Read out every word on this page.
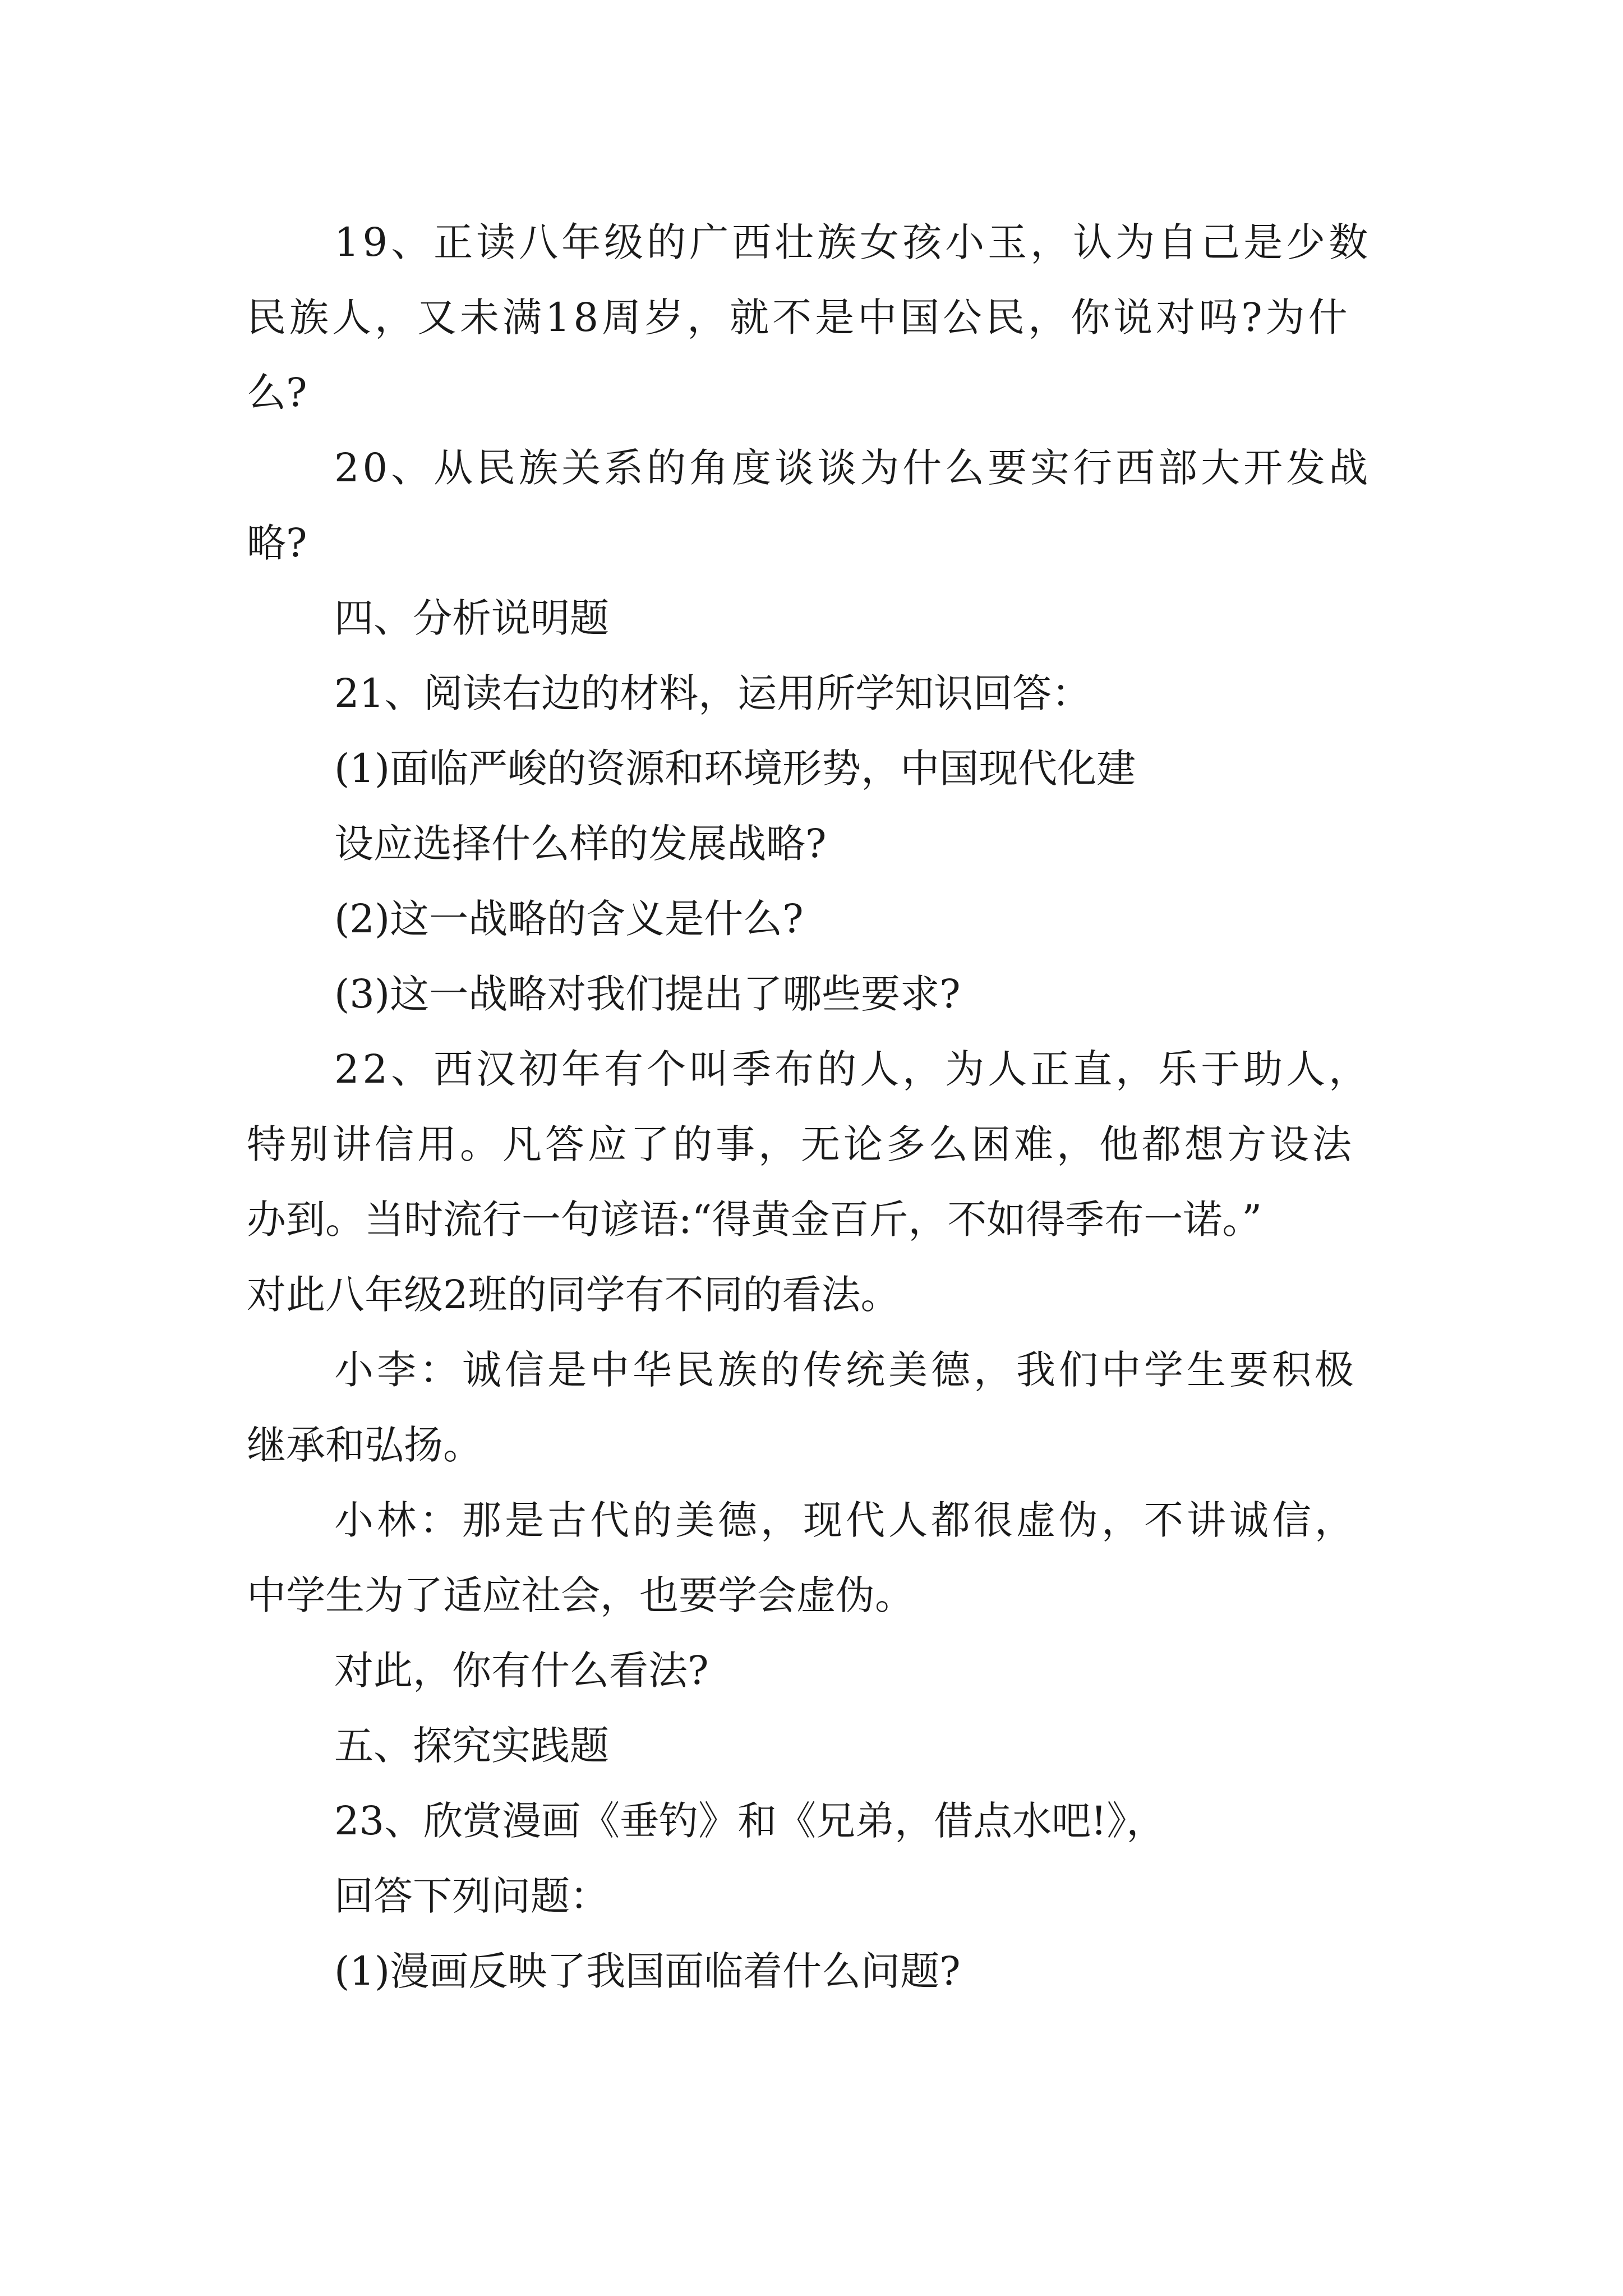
19、正读八年级的广西壮族女孩小玉，认为自己是少数
民族人，又未满18周岁，就不是中国公民，你说对吗?为什
么?
20、从民族关系的角度谈谈为什么要实行西部大开发战
略?
四、分析说明题
21、阅读右边的材料，运用所学知识回答：
(1)面临严峻的资源和环境形势，中国现代化建
设应选择什么样的发展战略?
(2)这一战略的含义是什么?
(3)这一战略对我们提出了哪些要求?
22、西汉初年有个叫季布的人，为人正直，乐于助人，
特别讲信用。凡答应了的事，无论多么困难，他都想方设法
办到。当时流行一句谚语:“得黄金百斤，不如得季布一诺。”
对此八年级2班的同学有不同的看法。
小李：诚信是中华民族的传统美德，我们中学生要积极
继承和弘扬。
小林：那是古代的美德，现代人都很虚伪，不讲诚信，
中学生为了适应社会，也要学会虚伪。
对此，你有什么看法?
五、探究实践题
23、欣赏漫画《垂钓》和《兄弟，借点水吧!》，
回答下列问题：
(1)漫画反映了我国面临着什么问题?
